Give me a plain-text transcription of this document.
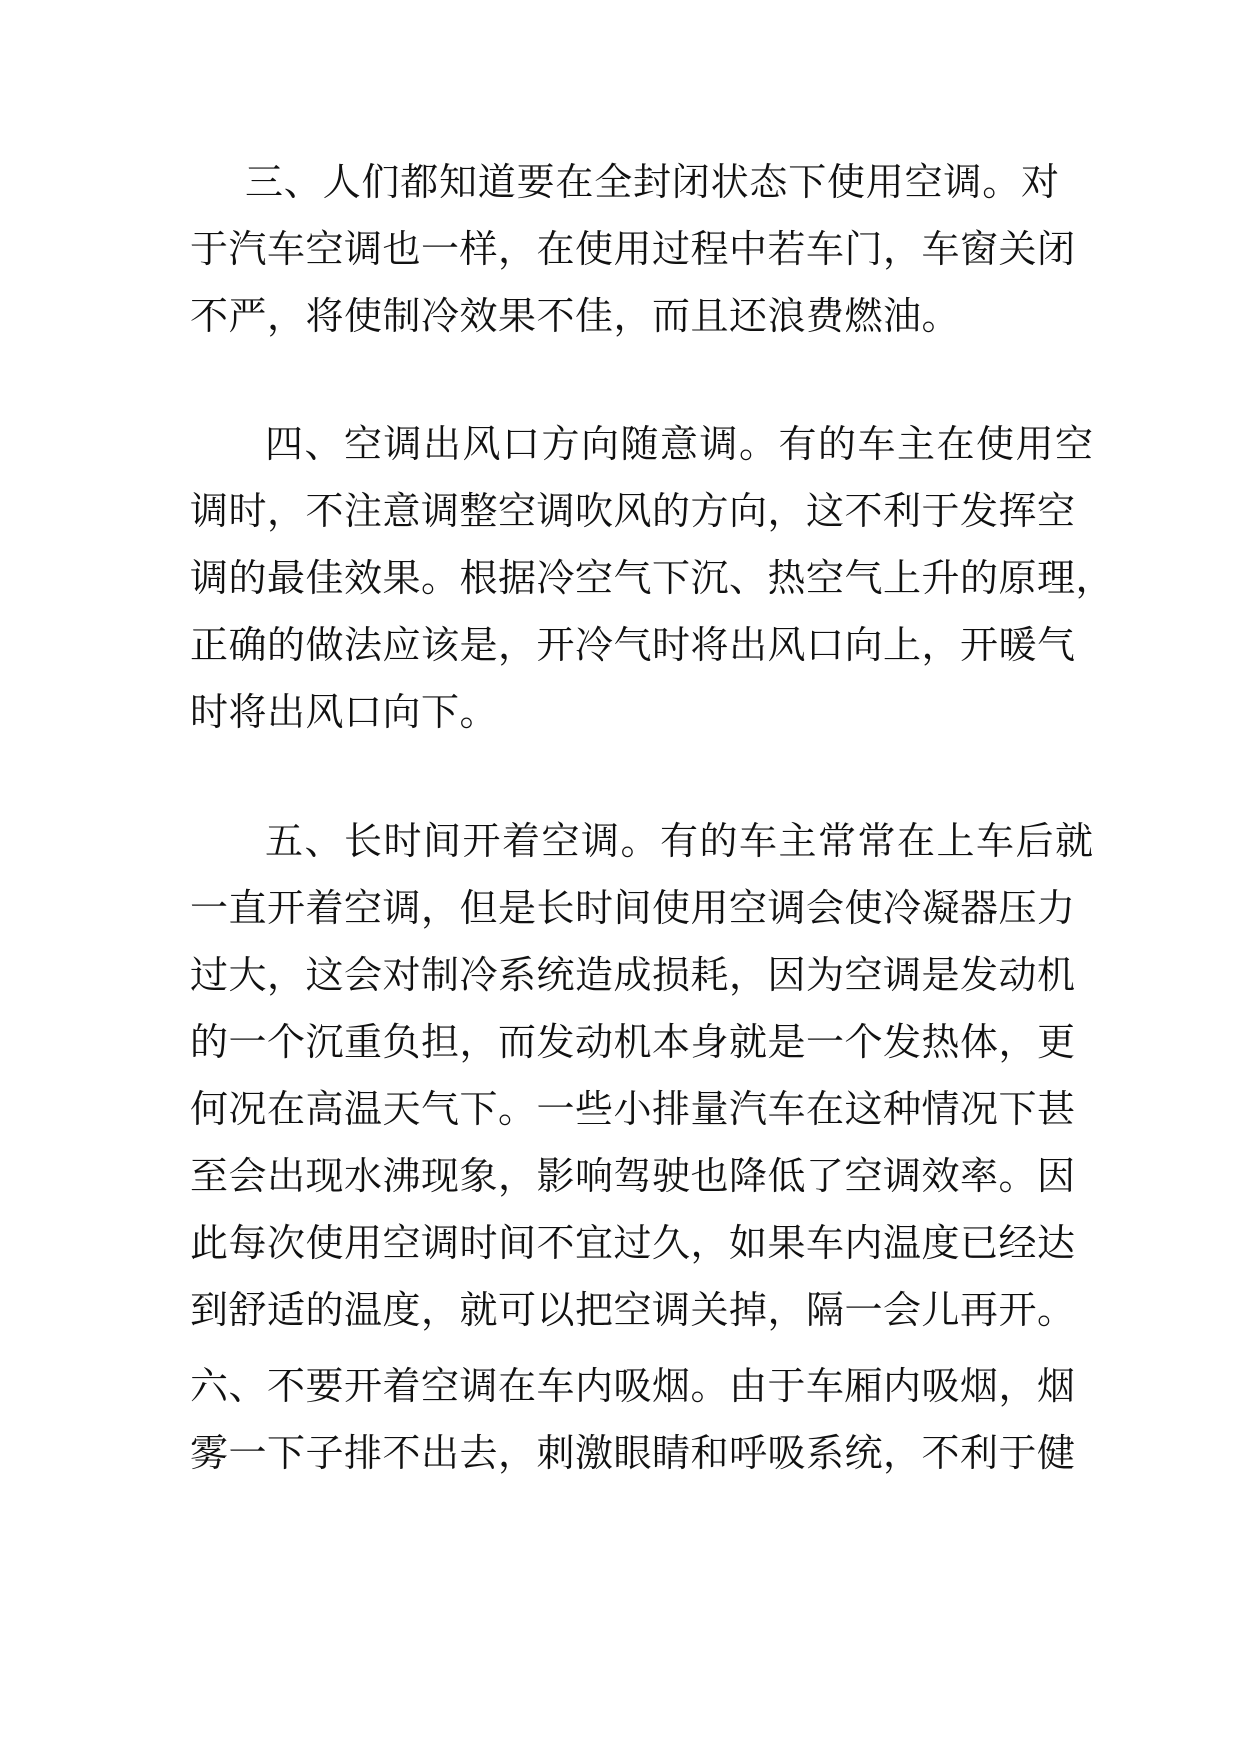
三、人们都知道要在全封闭状态下使用空调。对
于汽车空调也一样，在使用过程中若车门，车窗关闭
不严，将使制冷效果不佳，而且还浪费燃油。
四、空调出风口方向随意调。有的车主在使用空
调时，不注意调整空调吹风的方向，这不利于发挥空
调的最佳效果。根据冷空气下沉、热空气上升的原理，
正确的做法应该是，开冷气时将出风口向上，开暖气
时将出风口向下。
五、长时间开着空调。有的车主常常在上车后就
一直开着空调，但是长时间使用空调会使冷凝器压力
过大，这会对制冷系统造成损耗，因为空调是发动机
的一个沉重负担，而发动机本身就是一个发热体，更
何况在高温天气下。一些小排量汽车在这种情况下甚
至会出现水沸现象，影响驾驶也降低了空调效率。因
此每次使用空调时间不宜过久，如果车内温度已经达
到舒适的温度，就可以把空调关掉，隔一会儿再开。
六、不要开着空调在车内吸烟。由于车厢内吸烟，烟
雾一下子排不出去，刺激眼睛和呼吸系统，不利于健
